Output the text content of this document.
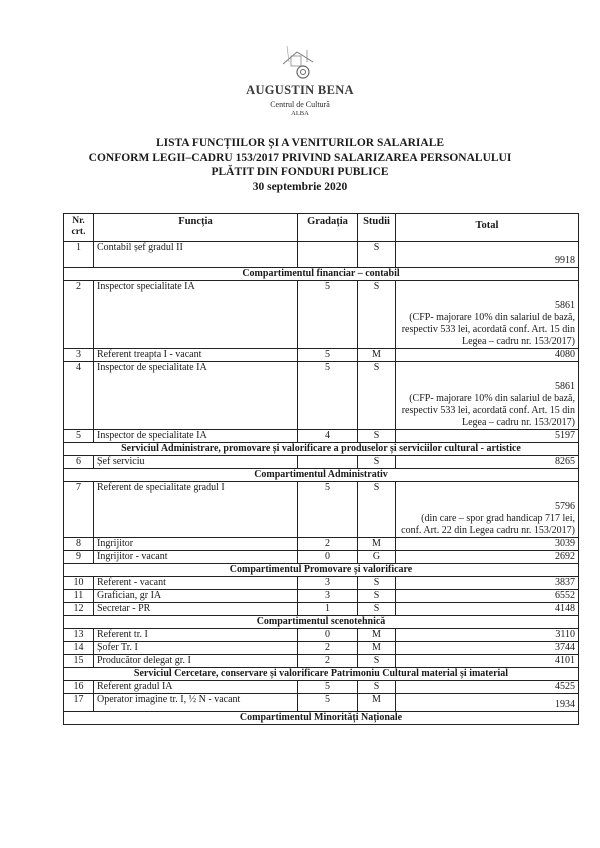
AUGUSTIN BENA
Centrul de Cultură
ALBA
LISTA FUNCȚIILOR ȘI A VENITURILOR SALARIALE
CONFORM LEGII–CADRU 153/2017 PRIVIND SALARIZAREA PERSONALULUI
PLĂTIT DIN FONDURI PUBLICE
30 septembrie 2020
Nr. crt.	Funcția	Gradația	Studii	Total
1	Contabil șef gradul II		S	9918

Compartimentul financiar – contabil				
2	Inspector specialitate IA	5	S	5861
(CFP- majorare 10% din salariul de bază, respectiv 533 lei, acordată conf. Art. 15 din Legea – cadru nr. 153/2017)

3	Referent treapta I - vacant	5	M	4080

4	Inspector de specialitate IA	5	S	5861
(CFP- majorare 10% din salariul de bază, respectiv 533 lei, acordată conf. Art. 15 din Legea – cadru nr. 153/2017)

5	Inspector de specialitate IA	4	S	5197

Serviciul Administrare, promovare și valorificare a produselor și serviciilor cultural - artistice				
6	Șef serviciu		S	8265

Compartimentul Administrativ				
7	Referent de specialitate gradul I	5	S	5796
(din care – spor grad handicap 717 lei, conf. Art. 22 din Legea cadru nr. 153/2017)

8	Îngrijitor	2	M	3039

9	Îngrijitor - vacant	0	G	2692

Compartimentul Promovare și valorificare				
10	Referent - vacant	3	S	3837

11	Grafician, gr IA	3	S	6552

12	Secretar - PR	1	S	4148

Compartimentul scenotehnică				
13	Referent tr. I	0	M	3110

14	Șofer Tr. I	2	M	3744

15	Producător delegat gr. I	2	S	4101

Serviciul Cercetare, conservare și valorificare Patrimoniu Cultural material și imaterial				
16	Referent gradul IA	5	S	4525

17	Operator imagine tr. I, ½ N - vacant	5	M	1934

Compartimentul Minorități Naționale				
